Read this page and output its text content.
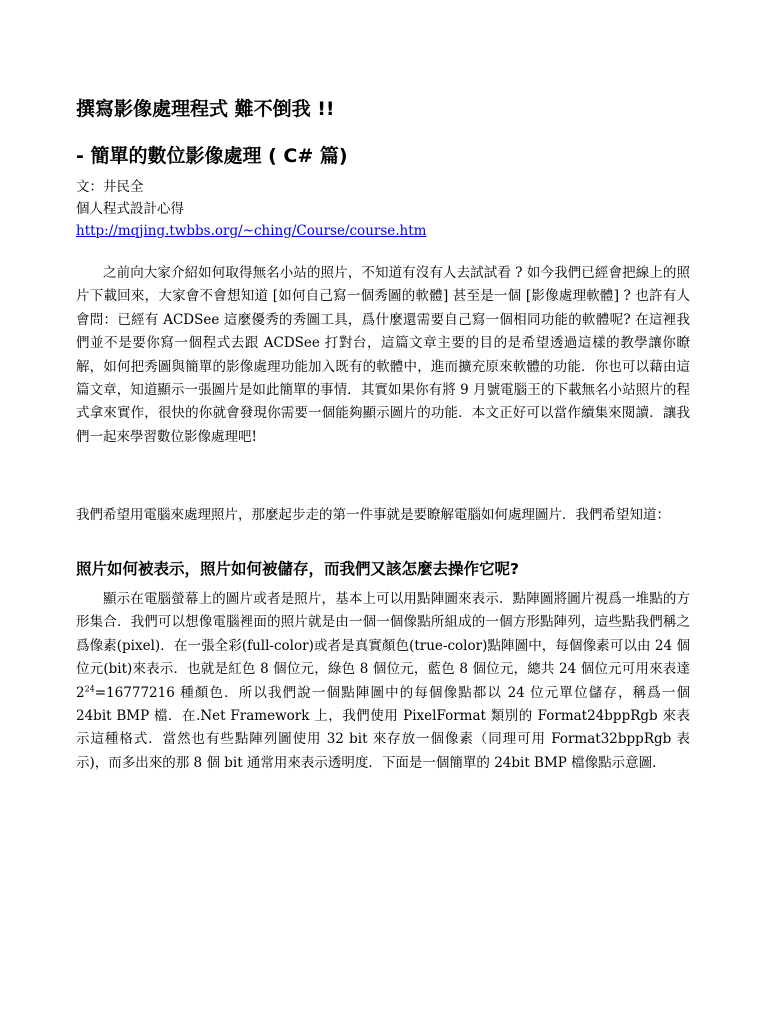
撰寫影像處理程式 難不倒我 !!
- 簡單的數位影像處理 ( C# 篇)
文：井民全
個人程式設計心得
http://mqjing.twbbs.org/~ching/Course/course.htm
之前向大家介紹如何取得無名小站的照片，不知道有沒有人去試試看 ? 如今我們已經會把線上的照片下載回來，大家會不會想知道 [如何自己寫一個秀圖的軟體] 甚至是一個 [影像處理軟體] ? 也許有人會問：已經有 ACDSee 這麼優秀的秀圖工具，爲什麼還需要自己寫一個相同功能的軟體呢? 在這裡我們並不是要你寫一個程式去跟 ACDSee 打對台，這篇文章主要的目的是希望透過這樣的教學讓你瞭解，如何把秀圖與簡單的影像處理功能加入既有的軟體中，進而擴充原來軟體的功能．你也可以藉由這篇文章，知道顯示一張圖片是如此簡單的事情．其實如果你有將 9 月號電腦王的下載無名小站照片的程式拿來實作，很快的你就會發現你需要一個能夠顯示圖片的功能．本文正好可以當作續集來閱讀．讓我們一起來學習數位影像處理吧!
我們希望用電腦來處理照片，那麼起步走的第一件事就是要瞭解電腦如何處理圖片．我們希望知道：
照片如何被表示，照片如何被儲存，而我們又該怎麼去操作它呢?
顯示在電腦螢幕上的圖片或者是照片，基本上可以用點陣圖來表示．點陣圖將圖片視爲一堆點的方形集合．我們可以想像電腦裡面的照片就是由一個一個像點所組成的一個方形點陣列，這些點我們稱之爲像素(pixel)．在一張全彩(full-color)或者是真實顏色(true-color)點陣圖中，每個像素可以由 24 個位元(bit)來表示．也就是紅色 8 個位元，綠色 8 個位元，藍色 8 個位元，總共 24 個位元可用來表達 $2^{24}=16777216$ 種顏色．所以我們說一個點陣圖中的每個像點都以 24 位元單位儲存，稱爲一個 24bit BMP 檔．在.Net Framework 上，我們使用 PixelFormat 類別的 Format24bppRgb 來表示這種格式．當然也有些點陣列圖使用 32 bit 來存放一個像素（同理可用 Format32bppRgb 表示)，而多出來的那 8 個 bit 通常用來表示透明度．下面是一個簡單的 24bit BMP 檔像點示意圖．
